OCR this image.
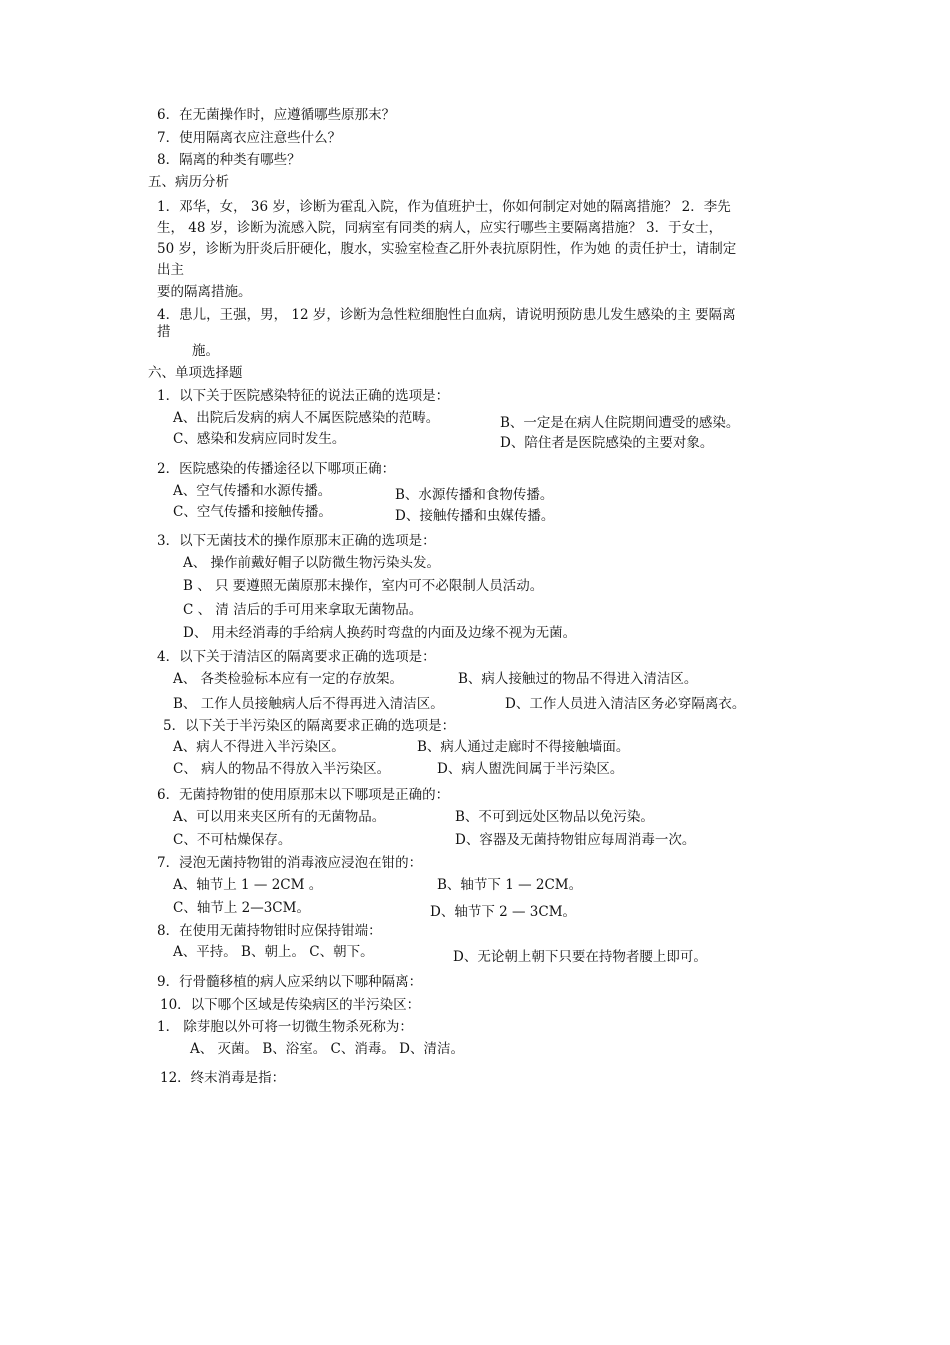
6．在无菌操作时，应遵循哪些原那末？
7．使用隔离衣应注意些什么？
8．隔离的种类有哪些？
五、病历分析
1．邓华，女， 36 岁，诊断为霍乱入院，作为值班护士，你如何制定对她的隔离措施？ 2．李先
生， 48 岁，诊断为流感入院，同病室有同类的病人，应实行哪些主要隔离措施？ 3．于女士，
50 岁，诊断为肝炎后肝硬化，腹水，实验室检查乙肝外表抗原阴性，作为她 的责任护士，请制定
出主
要的隔离措施。
4．患儿，王强，男， 12 岁，诊断为急性粒细胞性白血病，请说明预防患儿发生感染的主 要隔离
措
施。
六、单项选择题
1．以下关于医院感染特征的说法正确的选项是：
A、出院后发病的病人不属医院感染的范畴。	B、一定是在病人住院期间遭受的感染。
C、感染和发病应同时发生。	D、陪住者是医院感染的主要对象。
2．医院感染的传播途径以下哪项正确：
A、空气传播和水源传播。	B、水源传播和食物传播。
C、空气传播和接触传播。	D、接触传播和虫媒传播。
3．以下无菌技术的操作原那末正确的选项是：
A、 操作前戴好帽子以防微生物污染头发。
B 、 只 要遵照无菌原那末操作，室内可不必限制人员活动。
C 、 清 洁后的手可用来拿取无菌物品。
D、 用未经消毒的手给病人换药时弯盘的内面及边缘不视为无菌。
4．以下关于清洁区的隔离要求正确的选项是：
A、 各类检验标本应有一定的存放架。	B、病人接触过的物品不得进入清洁区。
B、 工作人员接触病人后不得再进入清洁区。	D、工作人员进入清洁区务必穿隔离衣。
5．以下关于半污染区的隔离要求正确的选项是：
A、病人不得进入半污染区。	B、病人通过走廊时不得接触墙面。
C、 病人的物品不得放入半污染区。	D、病人盥洗间属于半污染区。
6．无菌持物钳的使用原那末以下哪项是正确的：
A、可以用来夹区所有的无菌物品。	B、不可到远处区物品以免污染。
C、不可枯燥保存。	D、容器及无菌持物钳应每周消毒一次。
7．浸泡无菌持物钳的消毒液应浸泡在钳的：
A、轴节上 1 — 2CM 。	B、轴节下 1 — 2CM。
C、轴节上 2—3CM。	D、轴节下 2 — 3CM。
8．在使用无菌持物钳时应保持钳端：
A、平持。 B、朝上。 C、朝下。	D、无论朝上朝下只要在持物者腰上即可。
9．行骨髓移植的病人应采纳以下哪种隔离：
10．以下哪个区域是传染病区的半污染区：
1． 除芽胞以外可将一切微生物杀死称为：
A、 灭菌。 B、浴室。 C、消毒。 D、清洁。
12．终末消毒是指：
